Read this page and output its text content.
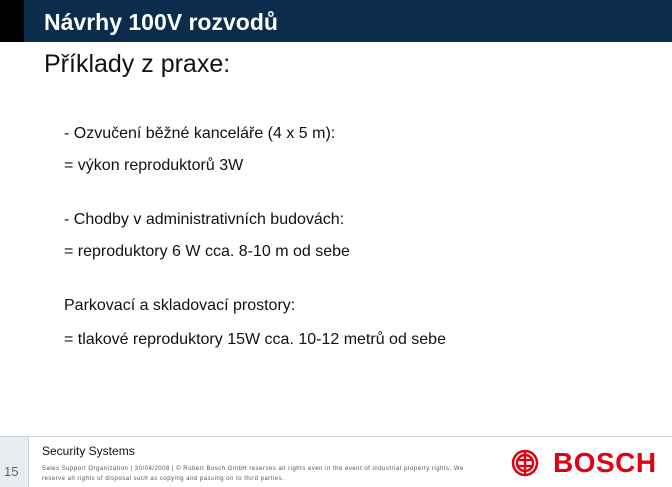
Návrhy 100V rozvodů
Příklady z praxe:
- Ozvučení běžné kanceláře (4 x 5 m):
= výkon reproduktorů 3W
- Chodby v administrativních budovách:
= reproduktory 6 W cca. 8-10 m od sebe
Parkovací a skladovací prostory:
= tlakové reproduktory 15W cca. 10-12 metrů od sebe
15
Security Systems
Sales Support Organization | 30/04/2008 | © Robert Bosch GmbH reserves all rights even in the event of industrial property rights. We reserve all rights of disposal such as copying and passing on to third parties.
BOSCH
